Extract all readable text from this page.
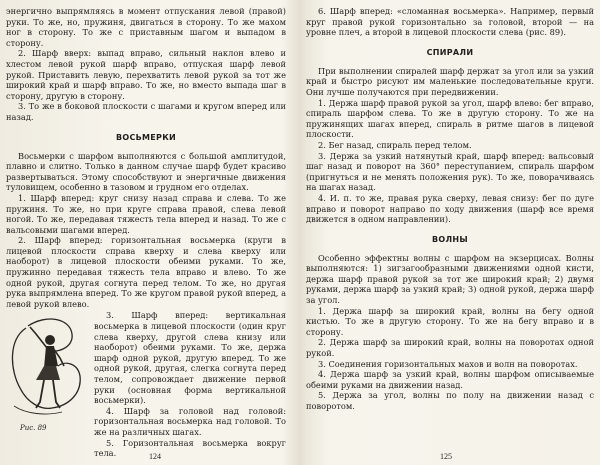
энергично выпрямляясь в момент отпускания левой (правой) руки. То же, но, пружиня, двигаться в сторону. То же махом ног в сторону. То же с приставным шагом и выпадом в сторону.

2. Шарф вверх: выпад вправо, сильный наклон влево и хлестом левой рукой шарф вправо, отпуская шарф левой рукой. Приставить левую, перехватить левой рукой за тот же широкий край и шарф вправо. То же, но вместо выпада шаг в сторону, другую в сторону.

3. То же в боковой плоскости с шагами и кругом вперед или назад.

ВОСЬМЕРКИ

Восьмерки с шарфом выполняются с большой амплитудой, плавно и слитно. Только в данном случае шарф будет красиво развертываться. Этому способствуют и энергичные движения туловищем, особенно в тазовом и грудном его отделах.

1. Шарф вперед: круг снизу назад справа и слева. То же пружиня. То же, но при круге справа правой, слева левой ногой. То же, передавая тяжесть тела вперед и назад. То же с вальсовыми шагами вперед.

2. Шарф вперед: горизонтальная восьмерка (круги в лицевой плоскости справа кверху и слева кверху или наоборот) в лицевой плоскости обеими руками. То же, пружинно передавая тяжесть тела вправо и влево. То же одной рукой, другая согнута перед телом. То же, но другая рука выпрямлена вперед. То же кругом правой рукой вперед, а левой рукой влево.

Рис. 89

3. Шарф вперед: вертикальная восьмерка в лицевой плоскости (один круг слева кверху, другой слева книзу или наоборот) обеими руками. То же, держа шарф одной рукой, другую вперед. То же одной рукой, другая, слегка согнута перед телом, сопровождает движение первой руки (основная форма вертикальной восьмерки).

4. Шарф за головой над головой: горизонтальная восьмерка над головой. То же на различных шагах.

5. Горизонтальная восьмерка вокруг тела.	124

6. Шарф вперед: «сломанная восьмерка». Например, первый круг правой рукой горизонтально за головой, второй — на уровне плеч, а второй в лицевой плоскости слева (рис. 89).

СПИРАЛИ

При выполнении спиралей шарф держат за угол или за узкий край и быстро рисуют им маленькие последовательные круги. Они лучше получаются при передвижении.

1. Держа шарф правой рукой за угол, шарф влево: бег вправо, спираль шарфом слева. То же в другую сторону. То же на пружинящих шагах вперед, спираль в ритме шагов в лицевой плоскости.

2. Бег назад, спираль перед телом.

3. Держа за узкий натянутый край, шарф вперед: вальсовый шаг назад и поворот на 360° переступанием, спираль шарфом (пригнуться и не менять положения рук). То же, поворачиваясь на шагах назад.

4. И. п. то же, правая рука сверху, левая снизу: бег по дуге вправо и поворот направо по ходу движения (шарф все время движется в одном направлении).

ВОЛНЫ

Особенно эффектны волны с шарфом на экзерцисах. Волны выполняются: 1) зигзагообразными движениями одной кисти, держа шарф правой рукой за тот же широкий край; 2) двумя руками, держа шарф за узкий край; 3) одной рукой, держа шарф за угол.

1. Держа шарф за широкий край, волны на бегу одной кистью. То же в другую сторону. То же на бегу вправо и в сторону.

2. Держа шарф за широкий край, волны на поворотах одной рукой.

3. Соединения горизонтальных махов и волн на поворотах.

4. Держа шарф за узкий край, волны шарфом описываемые обеими руками на движении назад.

5. Держа за угол, волны по полу на движении назад с поворотом.

125
